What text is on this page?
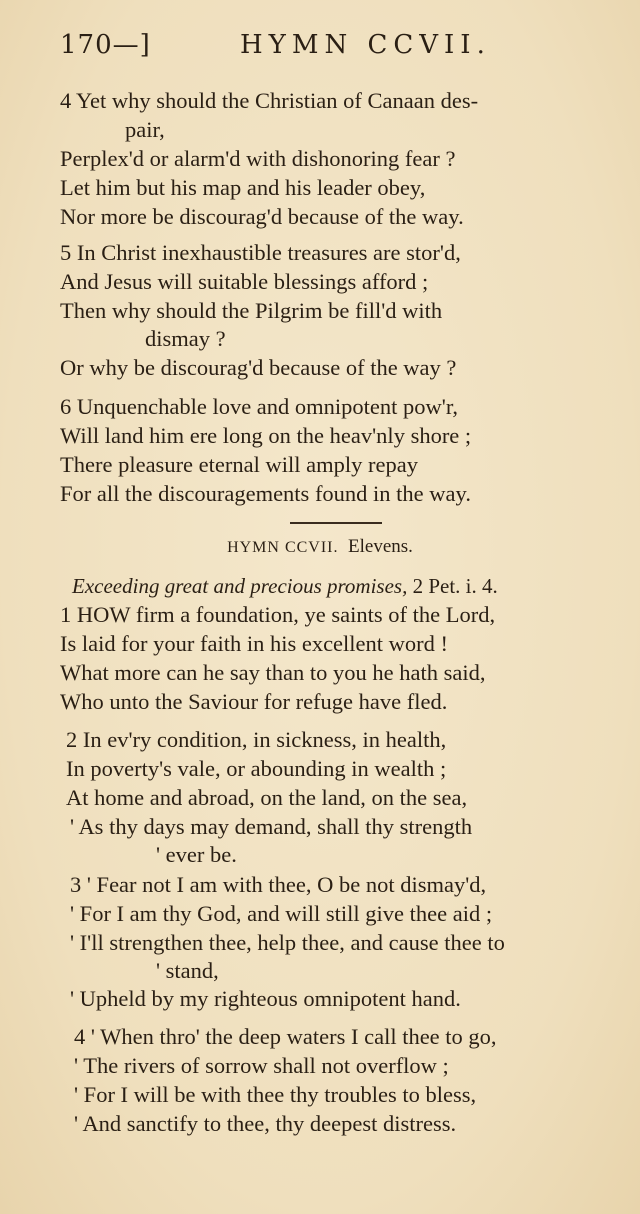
170—]	HYMN CCVII.
4 Yet why should the Christian of Canaan des-
pair,
Perplex'd or alarm'd with dishonoring fear ?
Let him but his map and his leader obey,
Nor more be discourag'd because of the way.
5 In Christ inexhaustible treasures are stor'd,
And Jesus will suitable blessings afford ;
Then why should the Pilgrim be fill'd with
dismay ?
Or why be discourag'd because of the way ?
6 Unquenchable love and omnipotent pow'r,
Will land him ere long on the heav'nly shore ;
There pleasure eternal will amply repay
For all the discouragements found in the way.
HYMN CCVII. Elevens.
Exceeding great and precious promises, 2 Pet. i. 4.
1 HOW firm a foundation, ye saints of the Lord,
Is laid for your faith in his excellent word !
What more can he say than to you he hath said,
Who unto the Saviour for refuge have fled.
2 In ev'ry condition, in sickness, in health,
In poverty's vale, or abounding in wealth ;
At home and abroad, on the land, on the sea,
' As thy days may demand, shall thy strength
' ever be.
3 ' Fear not I am with thee, O be not dismay'd,
' For I am thy God, and will still give thee aid ;
' I'll strengthen thee, help thee, and cause thee to
' stand,
' Upheld by my righteous omnipotent hand.
4 ' When thro' the deep waters I call thee to go,
' The rivers of sorrow shall not overflow ;
' For I will be with thee thy troubles to bless,
' And sanctify to thee, thy deepest distress.
